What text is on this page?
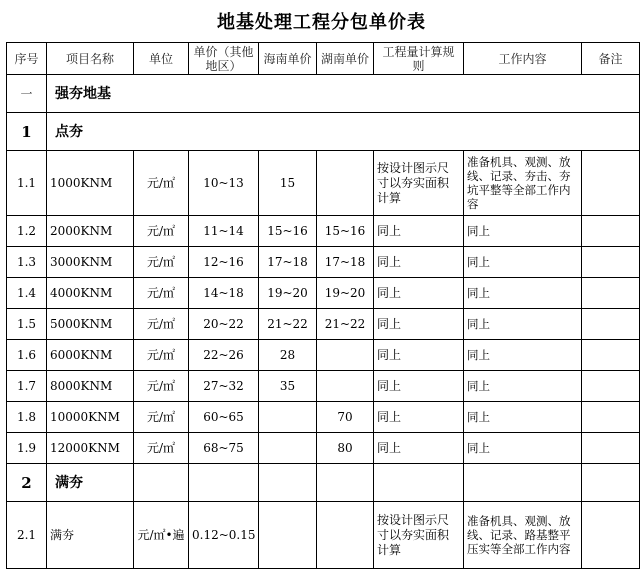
地基处理工程分包单价表
序号	项目名称	单位	单价（其他地区）	海南单价	湖南单价	工程量计算规则	工作内容	备注
一	强夯地基							
1	点夯							
1.1	1000KNM	元/㎡	10~13	15		按设计图示尺寸以夯实面积计算	准备机具、观测、放线、记录、夯击、夯坑平整等全部工作内容	
1.2	2000KNM	元/㎡	11~14	15~16	15~16	同上	同上	
1.3	3000KNM	元/㎡	12~16	17~18	17~18	同上	同上	
1.4	4000KNM	元/㎡	14~18	19~20	19~20	同上	同上	
1.5	5000KNM	元/㎡	20~22	21~22	21~22	同上	同上	
1.6	6000KNM	元/㎡	22~26	28		同上	同上	
1.7	8000KNM	元/㎡	27~32	35		同上	同上	
1.8	10000KNM	元/㎡	60~65		70	同上	同上	
1.9	12000KNM	元/㎡	68~75		80	同上	同上	
2	满夯							
2.1	满夯	元/㎡•遍	0.12~0.15			按设计图示尺寸以夯实面积计算	准备机具、观测、放线、记录、路基整平压实等全部工作内容	
